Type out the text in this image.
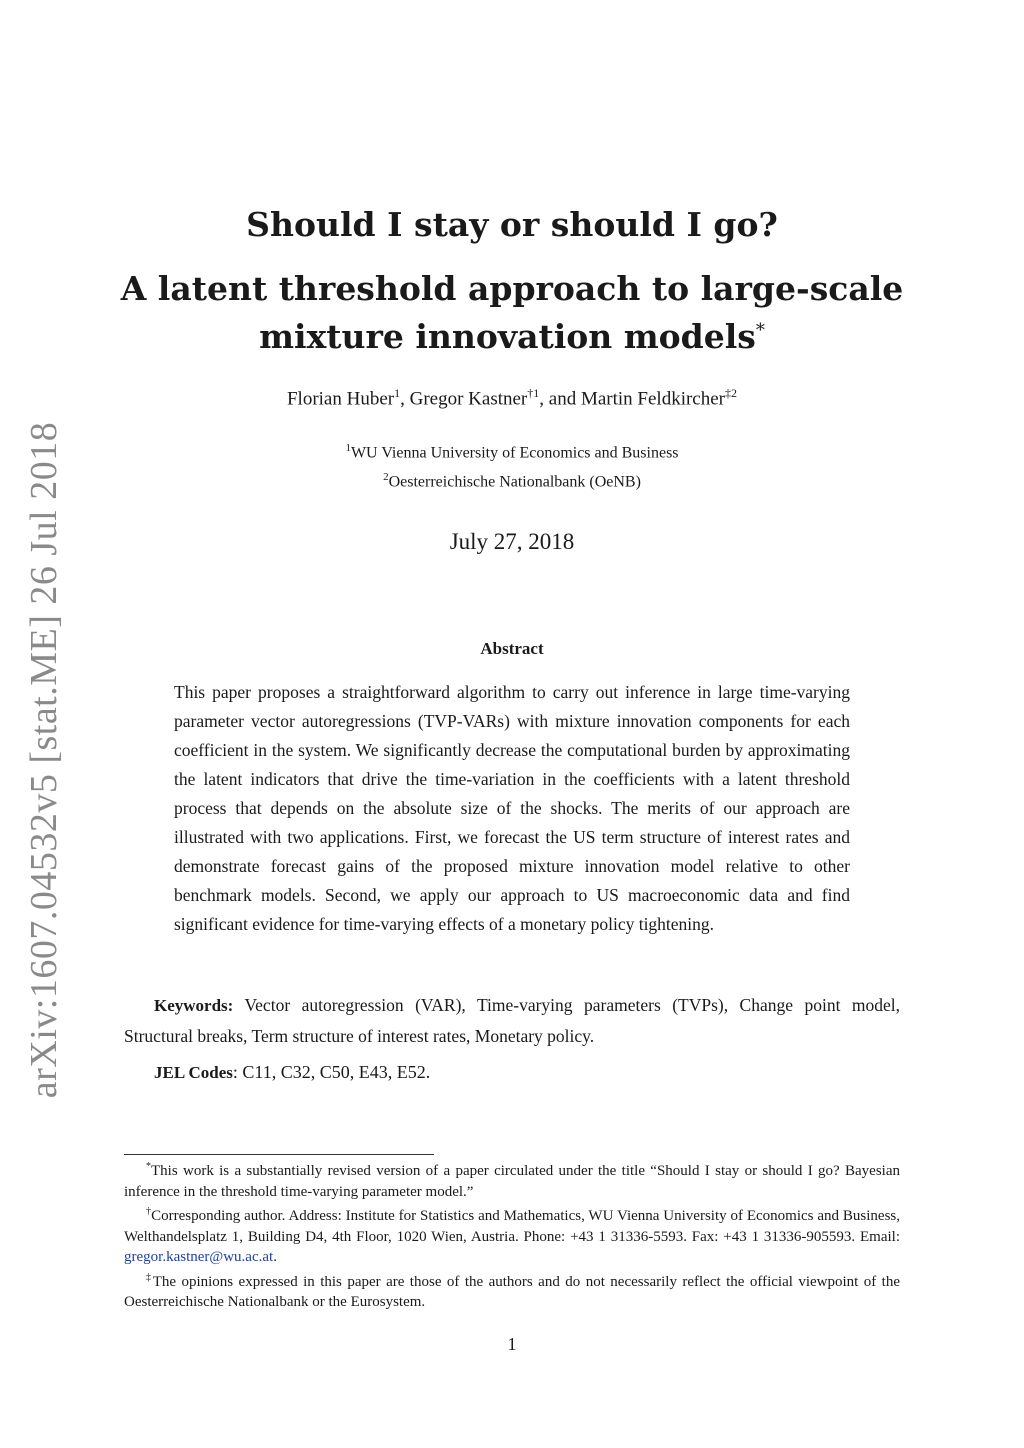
arXiv:1607.04532v5 [stat.ME] 26 Jul 2018

Should I stay or should I go?

A latent threshold approach to large-scale
mixture innovation models*

Florian Huber$^1$, Gregor Kastner$^{\dagger 1}$, and Martin Feldkircher$^{\ddagger 2}$
$^1$WU Vienna University of Economics and Business
$^2$Oesterreichische Nationalbank (OeNB)
July 27, 2018
Abstract
This paper proposes a straightforward algorithm to carry out inference in large time-varying parameter vector autoregressions (TVP-VARs) with mixture innovation components for each coefficient in the system. We significantly decrease the computational burden by approximating the latent indicators that drive the time-variation in the coefficients with a latent threshold process that depends on the absolute size of the shocks. The merits of our approach are illustrated with two applications. First, we forecast the US term structure of interest rates and demonstrate forecast gains of the proposed mixture innovation model relative to other benchmark models. Second, we apply our approach to US macroeconomic data and find significant evidence for time-varying effects of a monetary policy tightening.
Keywords: Vector autoregression (VAR), Time-varying parameters (TVPs), Change point model, Structural breaks, Term structure of interest rates, Monetary policy.
JEL Codes: C11, C32, C50, E43, E52.

*This work is a substantially revised version of a paper circulated under the title “Should I stay or should I go? Bayesian inference in the threshold time-varying parameter model.”

†Corresponding author. Address: Institute for Statistics and Mathematics, WU Vienna University of Economics and Business, Welthandelsplatz 1, Building D4, 4th Floor, 1020 Wien, Austria. Phone: +43 1 31336-5593. Fax: +43 1 31336-905593. Email: gregor.kastner@wu.ac.at.

‡The opinions expressed in this paper are those of the authors and do not necessarily reflect the official viewpoint of the Oesterreichische Nationalbank or the Eurosystem.

1
